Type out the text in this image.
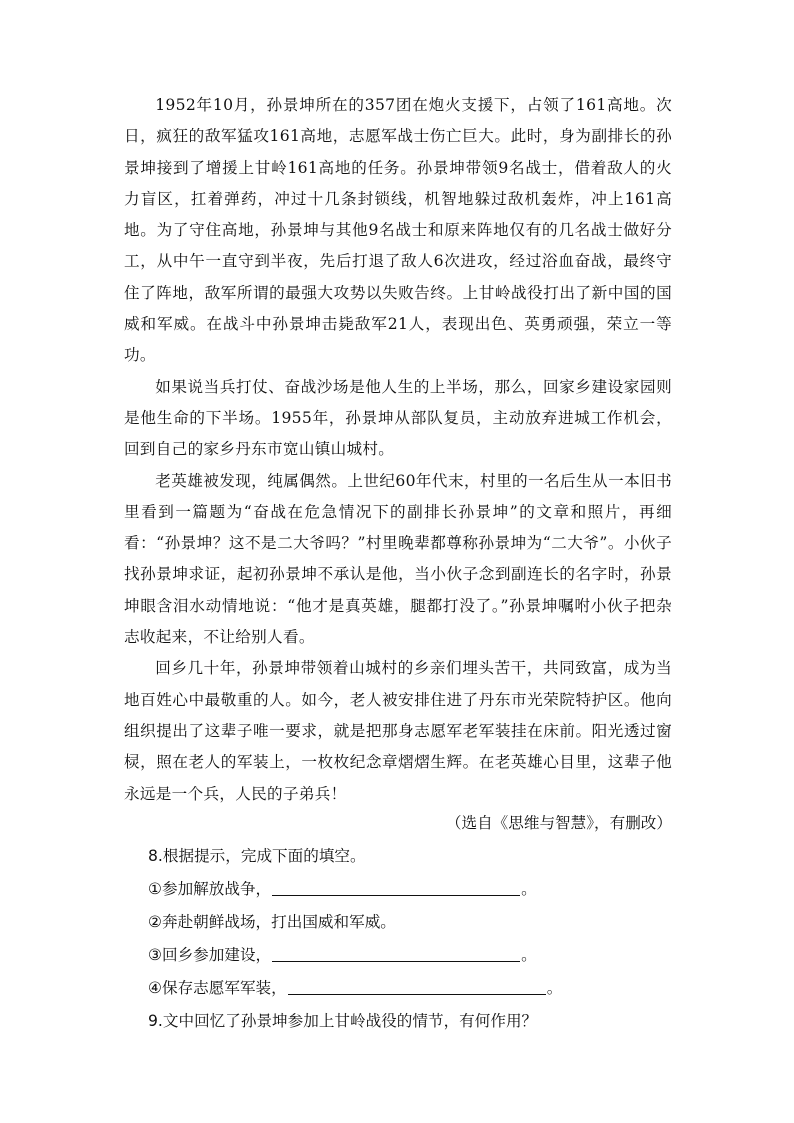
1952年10月，孙景坤所在的357团在炮火支援下，占领了161高地。次日，疯狂的敌军猛攻161高地，志愿军战士伤亡巨大。此时，身为副排长的孙景坤接到了增援上甘岭161高地的任务。孙景坤带领9名战士，借着敌人的火力盲区，扛着弹药，冲过十几条封锁线，机智地躲过敌机轰炸，冲上161高地。为了守住高地，孙景坤与其他9名战士和原来阵地仅有的几名战士做好分工，从中午一直守到半夜，先后打退了敌人6次进攻，经过浴血奋战，最终守住了阵地，敌军所谓的最强大攻势以失败告终。上甘岭战役打出了新中国的国威和军威。在战斗中孙景坤击毙敌军21人，表现出色、英勇顽强，荣立一等功。

如果说当兵打仗、奋战沙场是他人生的上半场，那么，回家乡建设家园则是他生命的下半场。1955年，孙景坤从部队复员，主动放弃进城工作机会，回到自己的家乡丹东市宽山镇山城村。

老英雄被发现，纯属偶然。上世纪60年代末，村里的一名后生从一本旧书里看到一篇题为“奋战在危急情况下的副排长孙景坤”的文章和照片，再细看：“孙景坤？这不是二大爷吗？”村里晚辈都尊称孙景坤为“二大爷”。小伙子找孙景坤求证，起初孙景坤不承认是他，当小伙子念到副连长的名字时，孙景坤眼含泪水动情地说：“他才是真英雄，腿都打没了。”孙景坤嘱咐小伙子把杂志收起来，不让给别人看。

回乡几十年，孙景坤带领着山城村的乡亲们埋头苦干，共同致富，成为当地百姓心中最敬重的人。如今，老人被安排住进了丹东市光荣院特护区。他向组织提出了这辈子唯一要求，就是把那身志愿军老军装挂在床前。阳光透过窗棂，照在老人的军装上，一枚枚纪念章熠熠生辉。在老英雄心目里，这辈子他永远是一个兵，人民的子弟兵！

（选自《思维与智慧》，有删改）
8.根据提示，完成下面的填空。
①参加解放战争，	。
②奔赴朝鲜战场，打出国威和军威。
③回乡参加建设，	。
④保存志愿军军装，	。
9.文中回忆了孙景坤参加上甘岭战役的情节，有何作用？
